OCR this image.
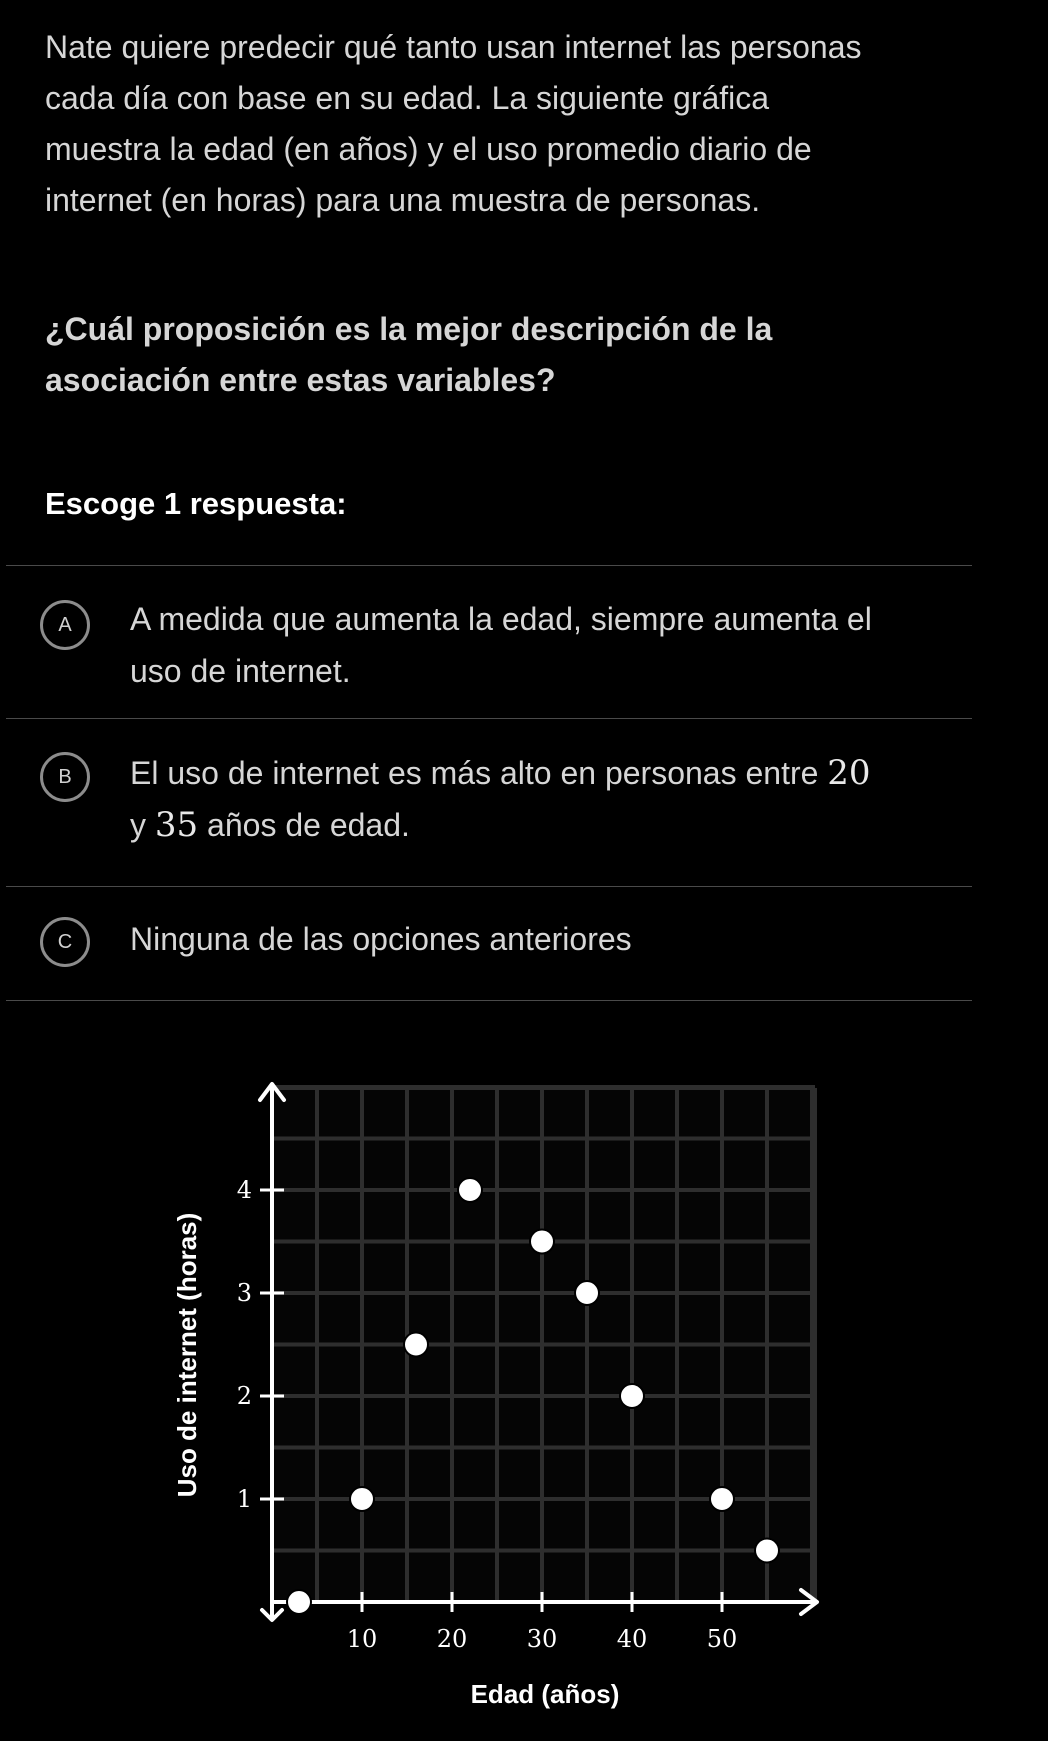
Nate quiere predecir qué tanto usan internet las personas
cada día con base en su edad. La siguiente gráfica
muestra la edad (en años) y el uso promedio diario de
internet (en horas) para una muestra de personas.
¿Cuál proposición es la mejor descripción de la
asociación entre estas variables?
Escoge 1 respuesta:
A	A medida que aumenta la edad, siempre aumenta el
uso de internet.
B	El uso de internet es más alto en personas entre 20
y 35 años de edad.
C	Ninguna de las opciones anteriores
10 20 30 40 50
1
2
3
4
Edad (años)
Uso de internet (horas)
